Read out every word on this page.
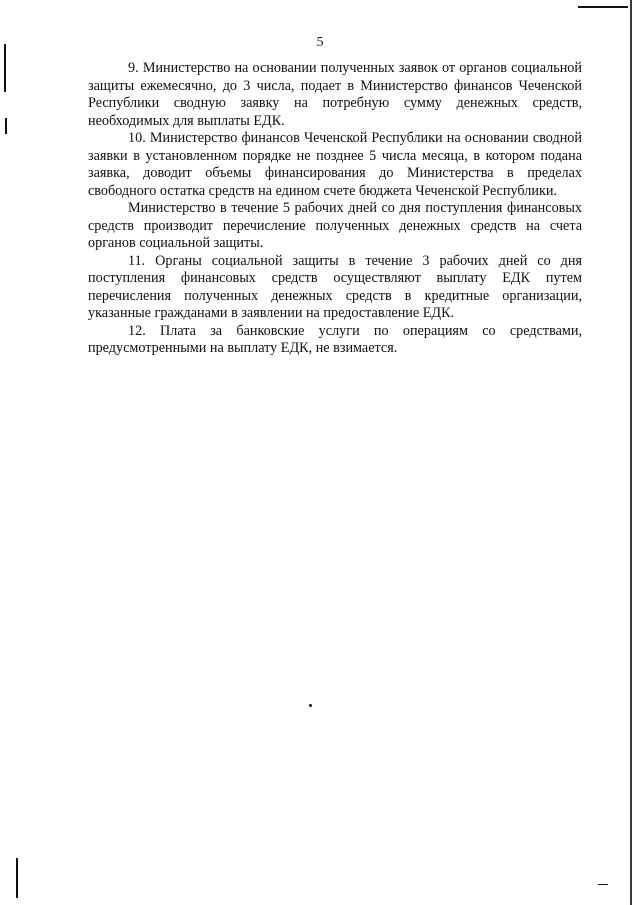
5

9. Министерство на основании полученных заявок от органов социальной защиты ежемесячно, до 3 числа, подает в Министерство финансов Чеченской Республики сводную заявку на потребную сумму денежных средств, необходимых для выплаты ЕДК.

10. Министерство финансов Чеченской Республики на основании сводной заявки в установленном порядке не позднее 5 числа месяца, в котором подана заявка, доводит объемы финансирования до Министерства в пределах свободного остатка средств на едином счете бюджета Чеченской Республики.

Министерство в течение 5 рабочих дней со дня поступления финансовых средств производит перечисление полученных денежных средств на счета органов социальной защиты.

11. Органы социальной защиты в течение 3 рабочих дней со дня поступления финансовых средств осуществляют выплату ЕДК путем перечисления полученных денежных средств в кредитные организации, указанные гражданами в заявлении на предоставление ЕДК.

12. Плата за банковские услуги по операциям со средствами, предусмотренными на выплату ЕДК, не взимается.
